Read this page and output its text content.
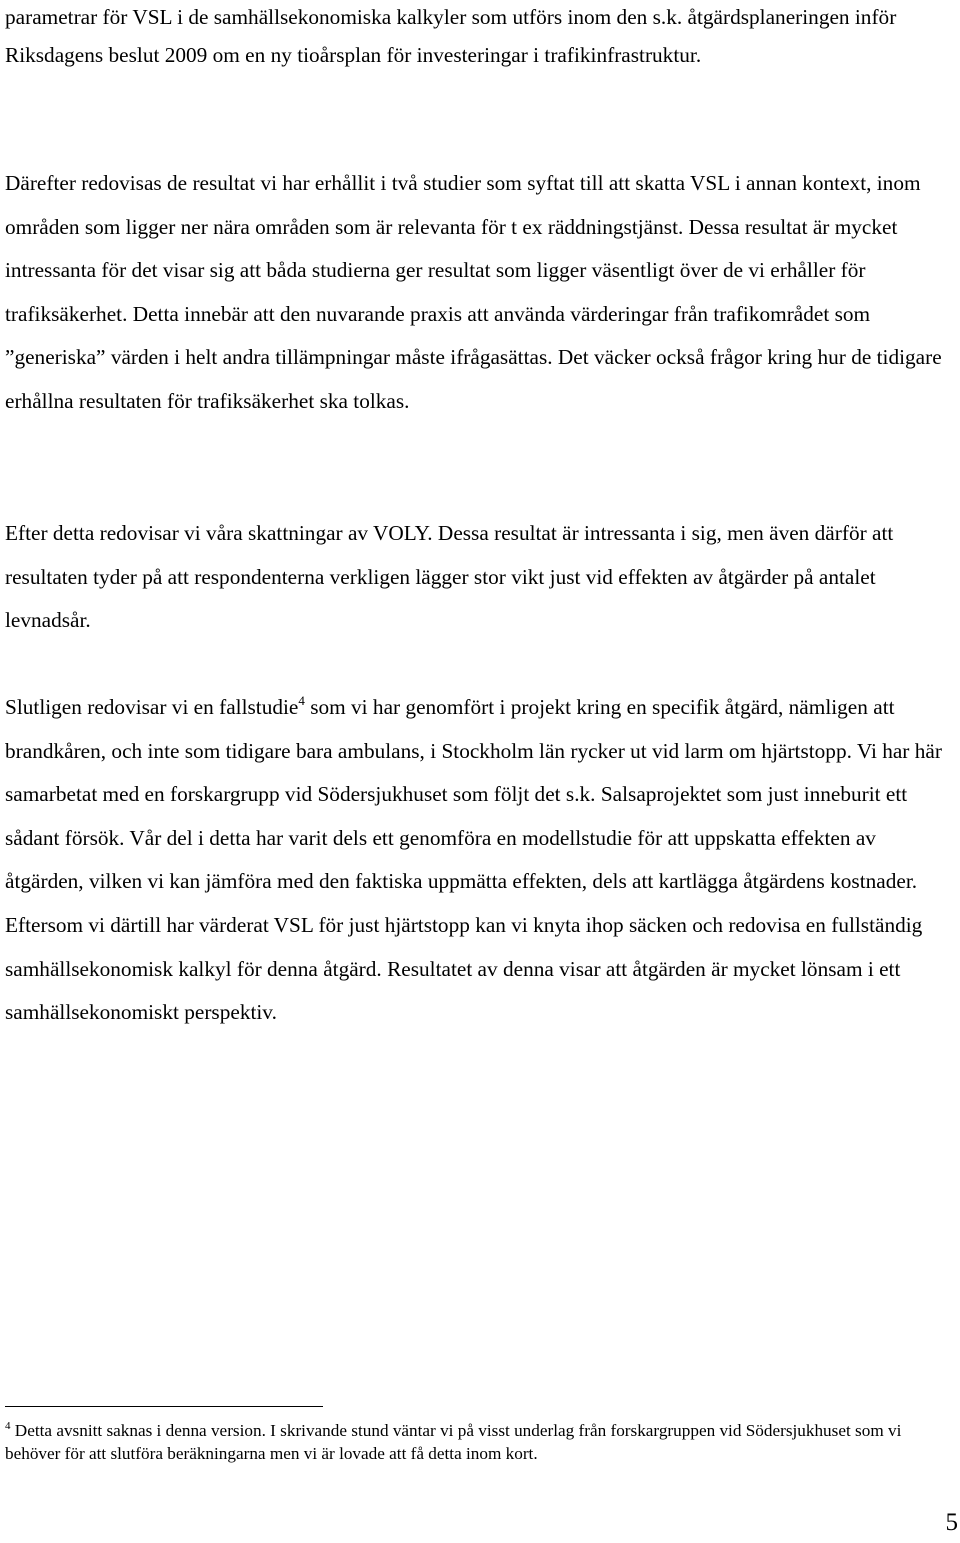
parametrar för VSL i de samhällsekonomiska kalkyler som utförs inom den s.k. åtgärdsplaneringen inför Riksdagens beslut 2009 om en ny tioårsplan för investeringar i trafikinfrastruktur.

Därefter redovisas de resultat vi har erhållit i två studier som syftat till att skatta VSL i annan kontext, inom områden som ligger ner nära områden som är relevanta för t ex räddningstjänst. Dessa resultat är mycket intressanta för det visar sig att båda studierna ger resultat som ligger väsentligt över de vi erhåller för trafiksäkerhet. Detta innebär att den nuvarande praxis att använda värderingar från trafikområdet som ”generiska” värden i helt andra tillämpningar måste ifrågasättas. Det väcker också frågor kring hur de tidigare erhållna resultaten för trafiksäkerhet ska tolkas.

Efter detta redovisar vi våra skattningar av VOLY. Dessa resultat är intressanta i sig, men även därför att resultaten tyder på att respondenterna verkligen lägger stor vikt just vid effekten av åtgärder på antalet levnadsår.

Slutligen redovisar vi en fallstudie$^4$ som vi har genomfört i projekt kring en specifik åtgärd, nämligen att brandkåren, och inte som tidigare bara ambulans, i Stockholm län rycker ut vid larm om hjärtstopp. Vi har här samarbetat med en forskargrupp vid Södersjukhuset som följt det s.k. Salsaprojektet som just inneburit ett sådant försök. Vår del i detta har varit dels ett genomföra en modellstudie för att uppskatta effekten av åtgärden, vilken vi kan jämföra med den faktiska uppmätta effekten, dels att kartlägga åtgärdens kostnader. Eftersom vi därtill har värderat VSL för just hjärtstopp kan vi knyta ihop säcken och redovisa en fullständig samhällsekonomisk kalkyl för denna åtgärd. Resultatet av denna visar att åtgärden är mycket lönsam i ett samhällsekonomiskt perspektiv.

$^4$ Detta avsnitt saknas i denna version. I skrivande stund väntar vi på visst underlag från forskargruppen vid Södersjukhuset som vi behöver för att slutföra beräkningarna men vi är lovade att få detta inom kort.

5
